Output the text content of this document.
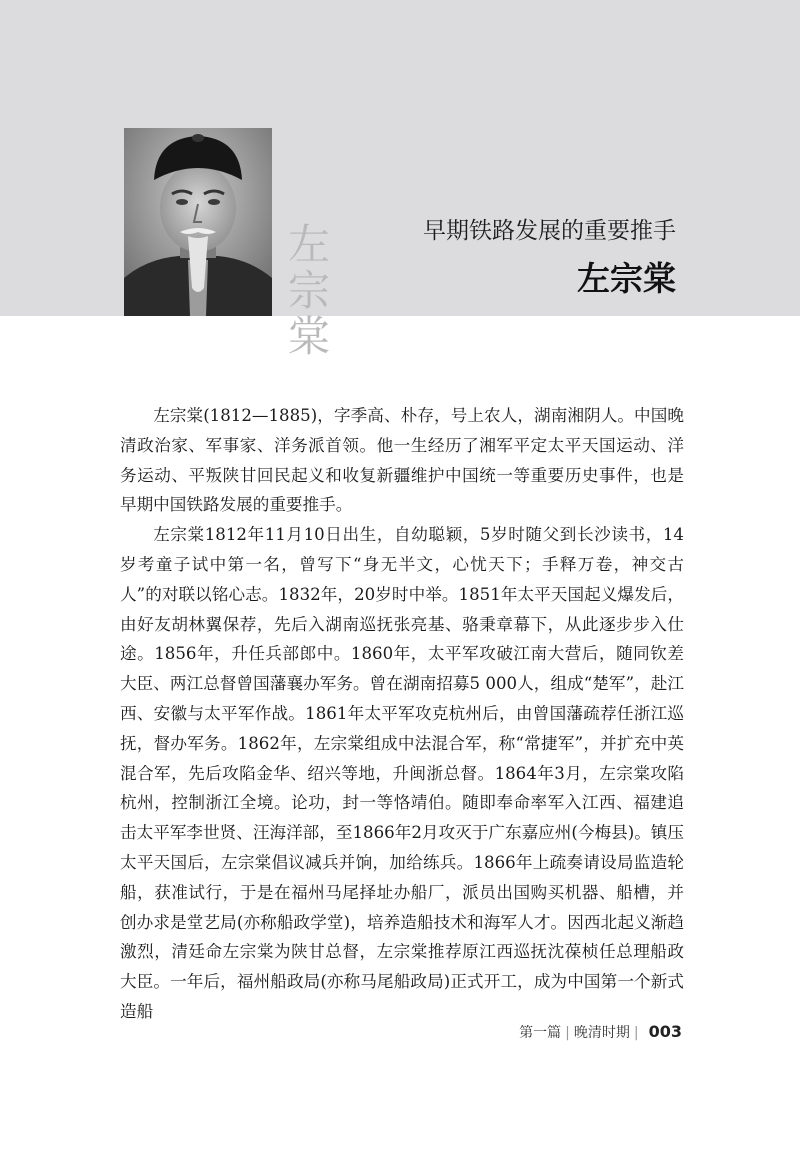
左
宗
棠
早期铁路发展的重要推手
左宗棠

左宗棠(1812—1885)，字季高、朴存，号上农人，湖南湘阴人。中国晚清政治家、军事家、洋务派首领。他一生经历了湘军平定太平天国运动、洋务运动、平叛陕甘回民起义和收复新疆维护中国统一等重要历史事件，也是早期中国铁路发展的重要推手。

左宗棠1812年11月10日出生，自幼聪颖，5岁时随父到长沙读书，14岁考童子试中第一名，曾写下“身无半文，心忧天下；手释万卷，神交古人”的对联以铭心志。1832年，20岁时中举。1851年太平天国起义爆发后，由好友胡林翼保荐，先后入湖南巡抚张亮基、骆秉章幕下，从此逐步步入仕途。1856年，升任兵部郎中。1860年，太平军攻破江南大营后，随同钦差大臣、两江总督曾国藩襄办军务。曾在湖南招募5 000人，组成“楚军”，赴江西、安徽与太平军作战。1861年太平军攻克杭州后，由曾国藩疏荐任浙江巡抚，督办军务。1862年，左宗棠组成中法混合军，称“常捷军”，并扩充中英混合军，先后攻陷金华、绍兴等地，升闽浙总督。1864年3月，左宗棠攻陷杭州，控制浙江全境。论功，封一等恪靖伯。随即奉命率军入江西、福建追击太平军李世贤、汪海洋部，至1866年2月攻灭于广东嘉应州(今梅县)。镇压太平天国后，左宗棠倡议减兵并饷，加给练兵。1866年上疏奏请设局监造轮船，获准试行，于是在福州马尾择址办船厂，派员出国购买机器、船槽，并创办求是堂艺局(亦称船政学堂)，培养造船技术和海军人才。因西北起义渐趋激烈，清廷命左宗棠为陕甘总督，左宗棠推荐原江西巡抚沈葆桢任总理船政大臣。一年后，福州船政局(亦称马尾船政局)正式开工，成为中国第一个新式造船

第一篇 | 晚清时期 | 003
